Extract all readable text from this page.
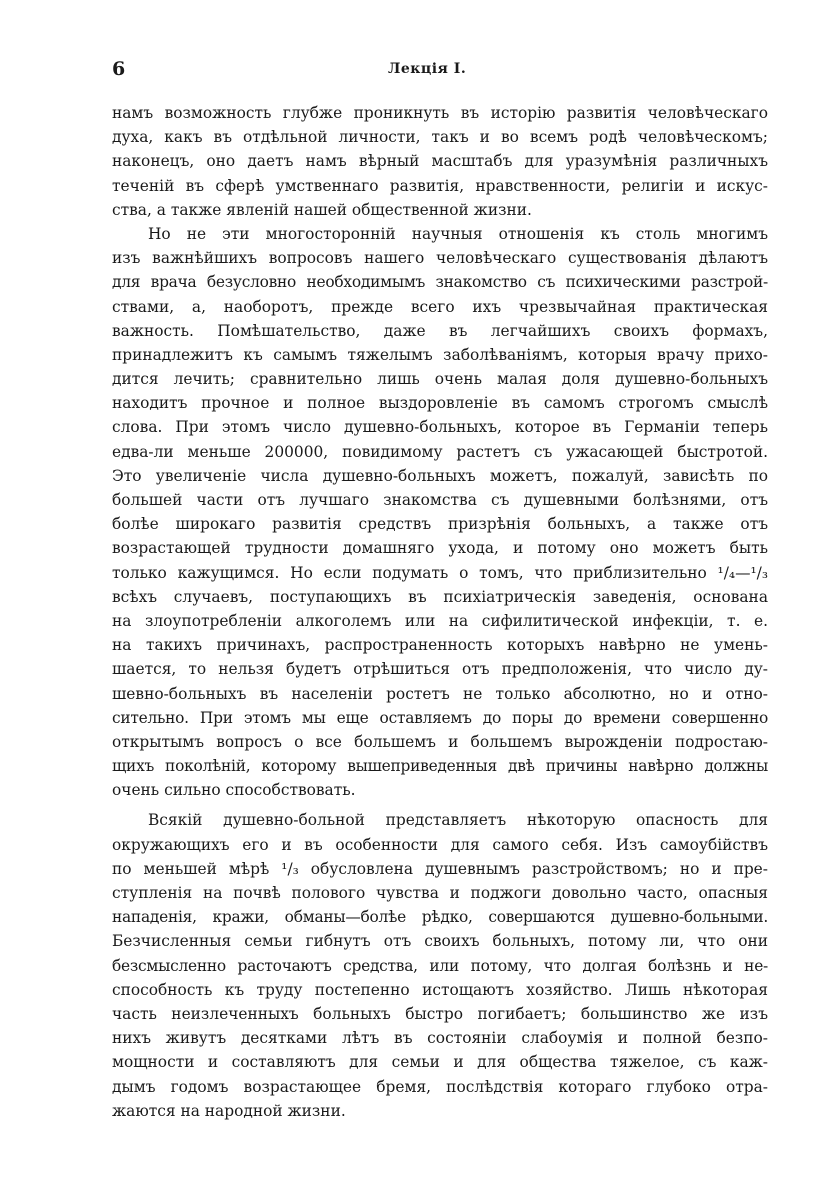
6	Лекція I.
намъ возможность глубже проникнуть въ исторію развитія человѣческаго
духа, какъ въ отдѣльной личности, такъ и во всемъ родѣ человѣческомъ;
наконецъ, оно даетъ намъ вѣрный масштабъ для уразумѣнія различныхъ
теченій въ сферѣ умственнаго развитія, нравственности, религіи и искус-
ства, а также явленій нашей общественной жизни.
Но не эти многосторонній научныя отношенія къ столь многимъ
изъ важнѣйшихъ вопросовъ нашего человѣческаго существованія дѣлаютъ
для врача безусловно необходимымъ знакомство съ психическими разстрой-
ствами, а, наоборотъ, прежде всего ихъ чрезвычайная практическая
важность. Помѣшательство, даже въ легчайшихъ своихъ формахъ,
принадлежитъ къ самымъ тяжелымъ заболѣваніямъ, которыя врачу прихо-
дится лечить; сравнительно лишь очень малая доля душевно-больныхъ
находитъ прочное и полное выздоровленіе въ самомъ строгомъ смыслѣ
слова. При этомъ число душевно-больныхъ, которое въ Германіи теперь
едва-ли меньше 200000, повидимому растетъ съ ужасающей быстротой.
Это увеличеніе числа душевно-больныхъ можетъ, пожалуй, зависѣть по
большей части отъ лучшаго знакомства съ душевными болѣзнями, отъ
болѣе широкаго развитія средствъ призрѣнія больныхъ, а также отъ
возрастающей трудности домашняго ухода, и потому оно можетъ быть
только кажущимся. Но если подумать о томъ, что приблизительно ¹/₄—¹/₃
всѣхъ случаевъ, поступающихъ въ психіатрическія заведенія, основана
на злоупотребленіи алкоголемъ или на сифилитической инфекціи, т. е.
на такихъ причинахъ, распространенность которыхъ навѣрно не умень-
шается, то нельзя будетъ отрѣшиться отъ предположенія, что число ду-
шевно-больныхъ въ населеніи ростетъ не только абсолютно, но и отно-
сительно. При этомъ мы еще оставляемъ до поры до времени совершенно
открытымъ вопросъ о все большемъ и большемъ вырожденіи подростаю-
щихъ поколѣній, которому вышеприведенныя двѣ причины навѣрно должны
очень сильно способствовать.
Всякій душевно-больной представляетъ нѣкоторую опасность для
окружающихъ его и въ особенности для самого себя. Изъ самоубійствъ
по меньшей мѣрѣ ¹/₃ обусловлена душевнымъ разстройствомъ; но и пре-
ступленія на почвѣ полового чувства и поджоги довольно часто, опасныя
нападенія, кражи, обманы—болѣе рѣдко, совершаются душевно-больными.
Безчисленныя семьи гибнутъ отъ своихъ больныхъ, потому ли, что они
безсмысленно расточаютъ средства, или потому, что долгая болѣзнь и не-
способность къ труду постепенно истощаютъ хозяйство. Лишь нѣкоторая
часть неизлеченныхъ больныхъ быстро погибаетъ; большинство же изъ
нихъ живутъ десятками лѣтъ въ состояніи слабоумія и полной безпо-
мощности и составляютъ для семьи и для общества тяжелое, съ каж-
дымъ годомъ возрастающее бремя, послѣдствія котораго глубоко отра-
жаются на народной жизни.
